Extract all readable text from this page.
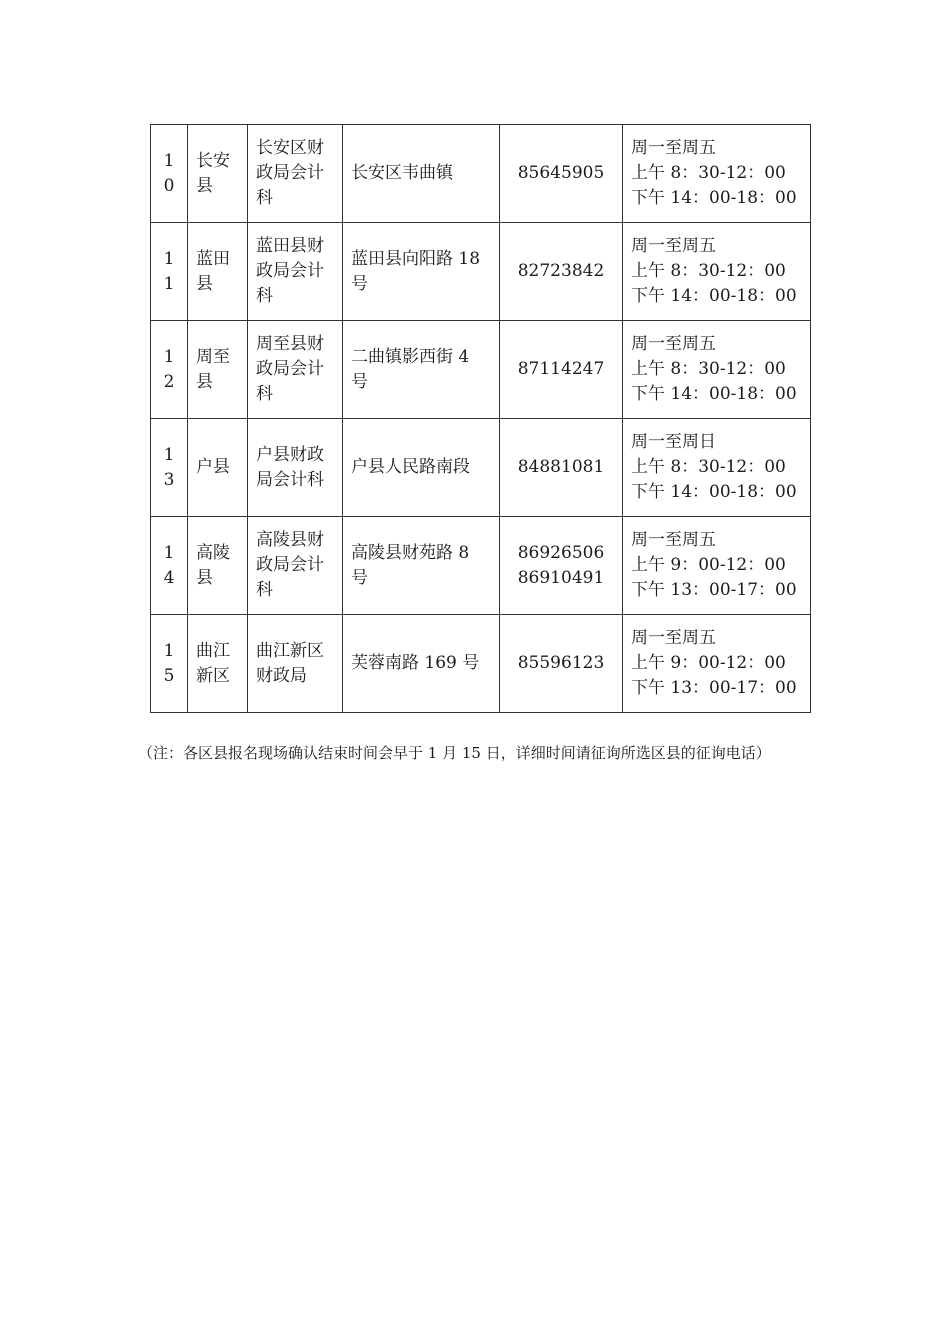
10	长安县	长安区财政局会计科	长安区韦曲镇	85645905	周一至周五
上午 8：30-12：00
下午 14：00-18：00

11	蓝田县	蓝田县财政局会计科	蓝田县向阳路 18 号	82723842	周一至周五
上午 8：30-12：00
下午 14：00-18：00

12	周至县	周至县财政局会计科	二曲镇影西街 4 号	87114247	周一至周五
上午 8：30-12：00
下午 14：00-18：00

13	户县	户县财政局会计科	户县人民路南段	84881081	周一至周日
上午 8：30-12：00
下午 14：00-18：00

14	高陵县	高陵县财政局会计科	高陵县财苑路 8 号	86926506
86910491	周一至周五
上午 9：00-12：00
下午 13：00-17：00

15	曲江新区	曲江新区财政局	芙蓉南路 169 号	85596123	周一至周五
上午 9：00-12：00
下午 13：00-17：00
（注：各区县报名现场确认结束时间会早于 1 月 15 日，详细时间请征询所选区县的征询电话）
